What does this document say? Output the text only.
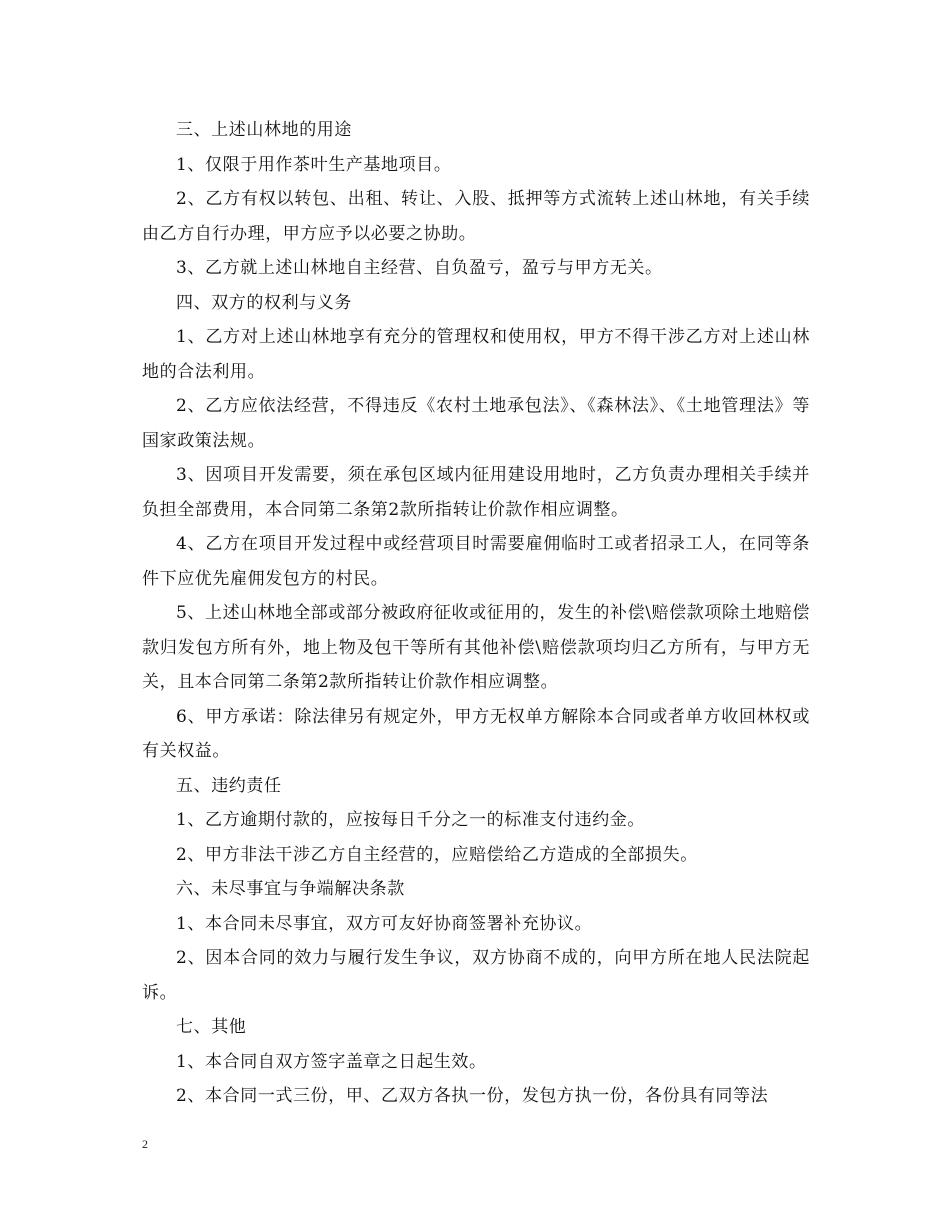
三、上述山林地的用途

1、仅限于用作茶叶生产基地项目。

2、乙方有权以转包、出租、转让、入股、抵押等方式流转上述山林地，有关手续由乙方自行办理，甲方应予以必要之协助。

3、乙方就上述山林地自主经营、自负盈亏，盈亏与甲方无关。

四、双方的权利与义务

1、乙方对上述山林地享有充分的管理权和使用权，甲方不得干涉乙方对上述山林地的合法利用。

2、乙方应依法经营，不得违反《农村土地承包法》、《森林法》、《土地管理法》等国家政策法规。

3、因项目开发需要，须在承包区域内征用建设用地时，乙方负责办理相关手续并负担全部费用，本合同第二条第2款所指转让价款作相应调整。

4、乙方在项目开发过程中或经营项目时需要雇佣临时工或者招录工人，在同等条件下应优先雇佣发包方的村民。

5、上述山林地全部或部分被政府征收或征用的，发生的补偿\赔偿款项除土地赔偿款归发包方所有外，地上物及包干等所有其他补偿\赔偿款项均归乙方所有，与甲方无关，且本合同第二条第2款所指转让价款作相应调整。

6、甲方承诺：除法律另有规定外，甲方无权单方解除本合同或者单方收回林权或有关权益。

五、违约责任

1、乙方逾期付款的，应按每日千分之一的标准支付违约金。

2、甲方非法干涉乙方自主经营的，应赔偿给乙方造成的全部损失。

六、未尽事宜与争端解决条款

1、本合同未尽事宜，双方可友好协商签署补充协议。

2、因本合同的效力与履行发生争议，双方协商不成的，向甲方所在地人民法院起诉。

七、其他

1、本合同自双方签字盖章之日起生效。

2、本合同一式三份，甲、乙双方各执一份，发包方执一份，各份具有同等法

2
